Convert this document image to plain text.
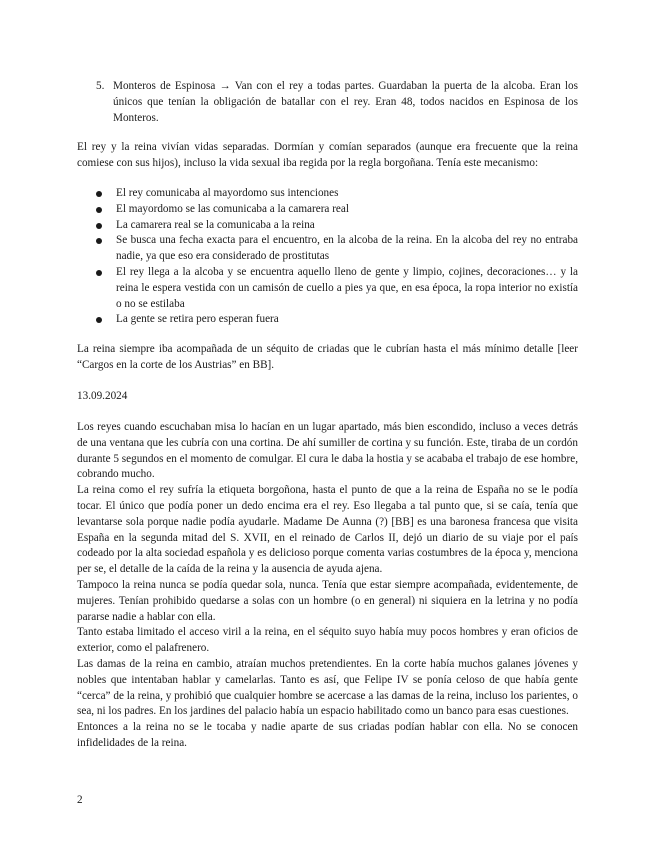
5. Monteros de Espinosa → Van con el rey a todas partes. Guardaban la puerta de la alcoba. Eran los únicos que tenían la obligación de batallar con el rey. Eran 48, todos nacidos en Espinosa de los Monteros.

El rey y la reina vivían vidas separadas. Dormían y comían separados (aunque era frecuente que la reina comiese con sus hijos), incluso la vida sexual iba regida por la regla borgoñana. Tenía este mecanismo:

El rey comunicaba al mayordomo sus intenciones
El mayordomo se las comunicaba a la camarera real
La camarera real se la comunicaba a la reina
Se busca una fecha exacta para el encuentro, en la alcoba de la reina. En la alcoba del rey no entraba nadie, ya que eso era considerado de prostitutas
El rey llega a la alcoba y se encuentra aquello lleno de gente y limpio, cojines, decoraciones… y la reina le espera vestida con un camisón de cuello a pies ya que, en esa época, la ropa interior no existía o no se estilaba
La gente se retira pero esperan fuera

La reina siempre iba acompañada de un séquito de criadas que le cubrían hasta el más mínimo detalle [leer “Cargos en la corte de los Austrias” en BB].

13.09.2024

Los reyes cuando escuchaban misa lo hacían en un lugar apartado, más bien escondido, incluso a veces detrás de una ventana que les cubría con una cortina. De ahí sumiller de cortina y su función. Este, tiraba de un cordón durante 5 segundos en el momento de comulgar. El cura le daba la hostia y se acababa el trabajo de ese hombre, cobrando mucho.

La reina como el rey sufría la etiqueta borgoñona, hasta el punto de que a la reina de España no se le podía tocar. El único que podía poner un dedo encima era el rey. Eso llegaba a tal punto que, si se caía, tenía que levantarse sola porque nadie podía ayudarle. Madame De Aunna (?) [BB] es una baronesa francesa que visita España en la segunda mitad del S. XVII, en el reinado de Carlos II, dejó un diario de su viaje por el país codeado por la alta sociedad española y es delicioso porque comenta varias costumbres de la época y, menciona per se, el detalle de la caída de la reina y la ausencia de ayuda ajena.

Tampoco la reina nunca se podía quedar sola, nunca. Tenía que estar siempre acompañada, evidentemente, de mujeres. Tenían prohibido quedarse a solas con un hombre (o en general) ni siquiera en la letrina y no podía pararse nadie a hablar con ella.

Tanto estaba limitado el acceso viril a la reina, en el séquito suyo había muy pocos hombres y eran oficios de exterior, como el palafrenero.

Las damas de la reina en cambio, atraían muchos pretendientes. En la corte había muchos galanes jóvenes y nobles que intentaban hablar y camelarlas. Tanto es así, que Felipe IV se ponía celoso de que había gente “cerca” de la reina, y prohibió que cualquier hombre se acercase a las damas de la reina, incluso los parientes, o sea, ni los padres. En los jardines del palacio había un espacio habilitado como un banco para esas cuestiones.

Entonces a la reina no se le tocaba y nadie aparte de sus criadas podían hablar con ella. No se conocen infidelidades de la reina.

2
